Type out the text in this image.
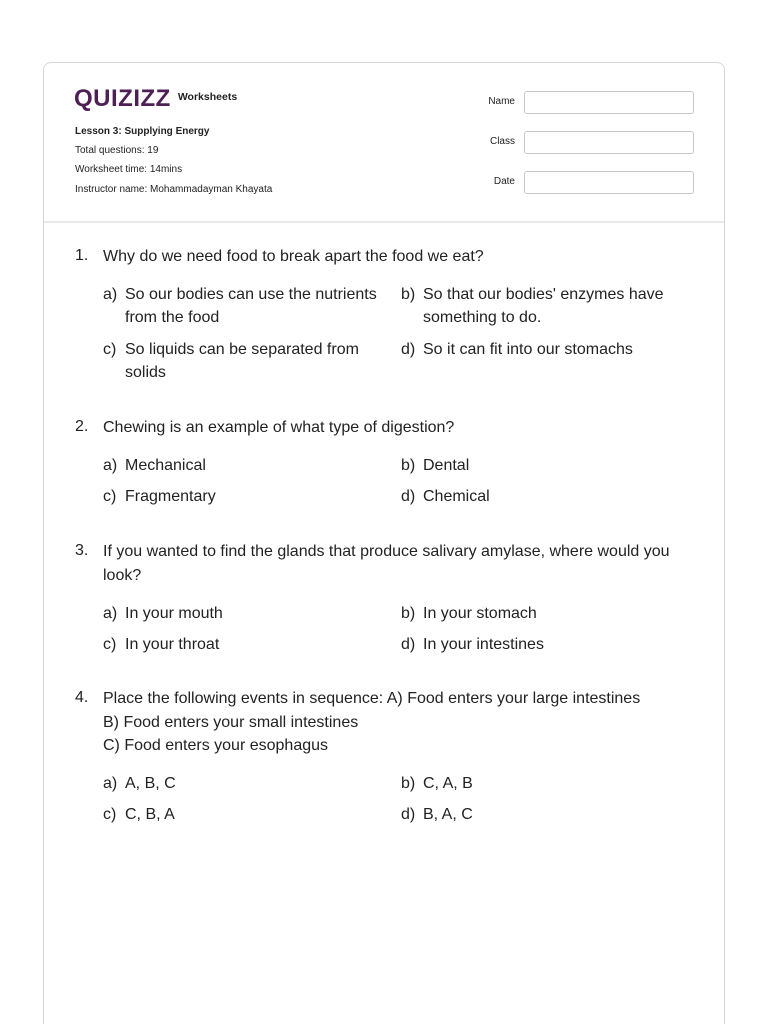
QUIZIZZ Worksheets
Lesson 3: Supplying Energy
Total questions: 19
Worksheet time: 14mins
Instructor name: Mohammadayman Khayata
Name
Class
Date
1. Why do we need food to break apart the food we eat?
a) So our bodies can use the nutrients from the food
b) So that our bodies' enzymes have something to do.
c) So liquids can be separated from solids
d) So it can fit into our stomachs
2. Chewing is an example of what type of digestion?
a) Mechanical	b) Dental
c) Fragmentary	d) Chemical
3. If you wanted to find the glands that produce salivary amylase, where would you look?
a) In your mouth	b) In your stomach
c) In your throat	d) In your intestines
4. Place the following events in sequence: A) Food enters your large intestines
B) Food enters your small intestines
C) Food enters your esophagus
a) A, B, C	b) C, A, B
c) C, B, A	d) B, A, C
